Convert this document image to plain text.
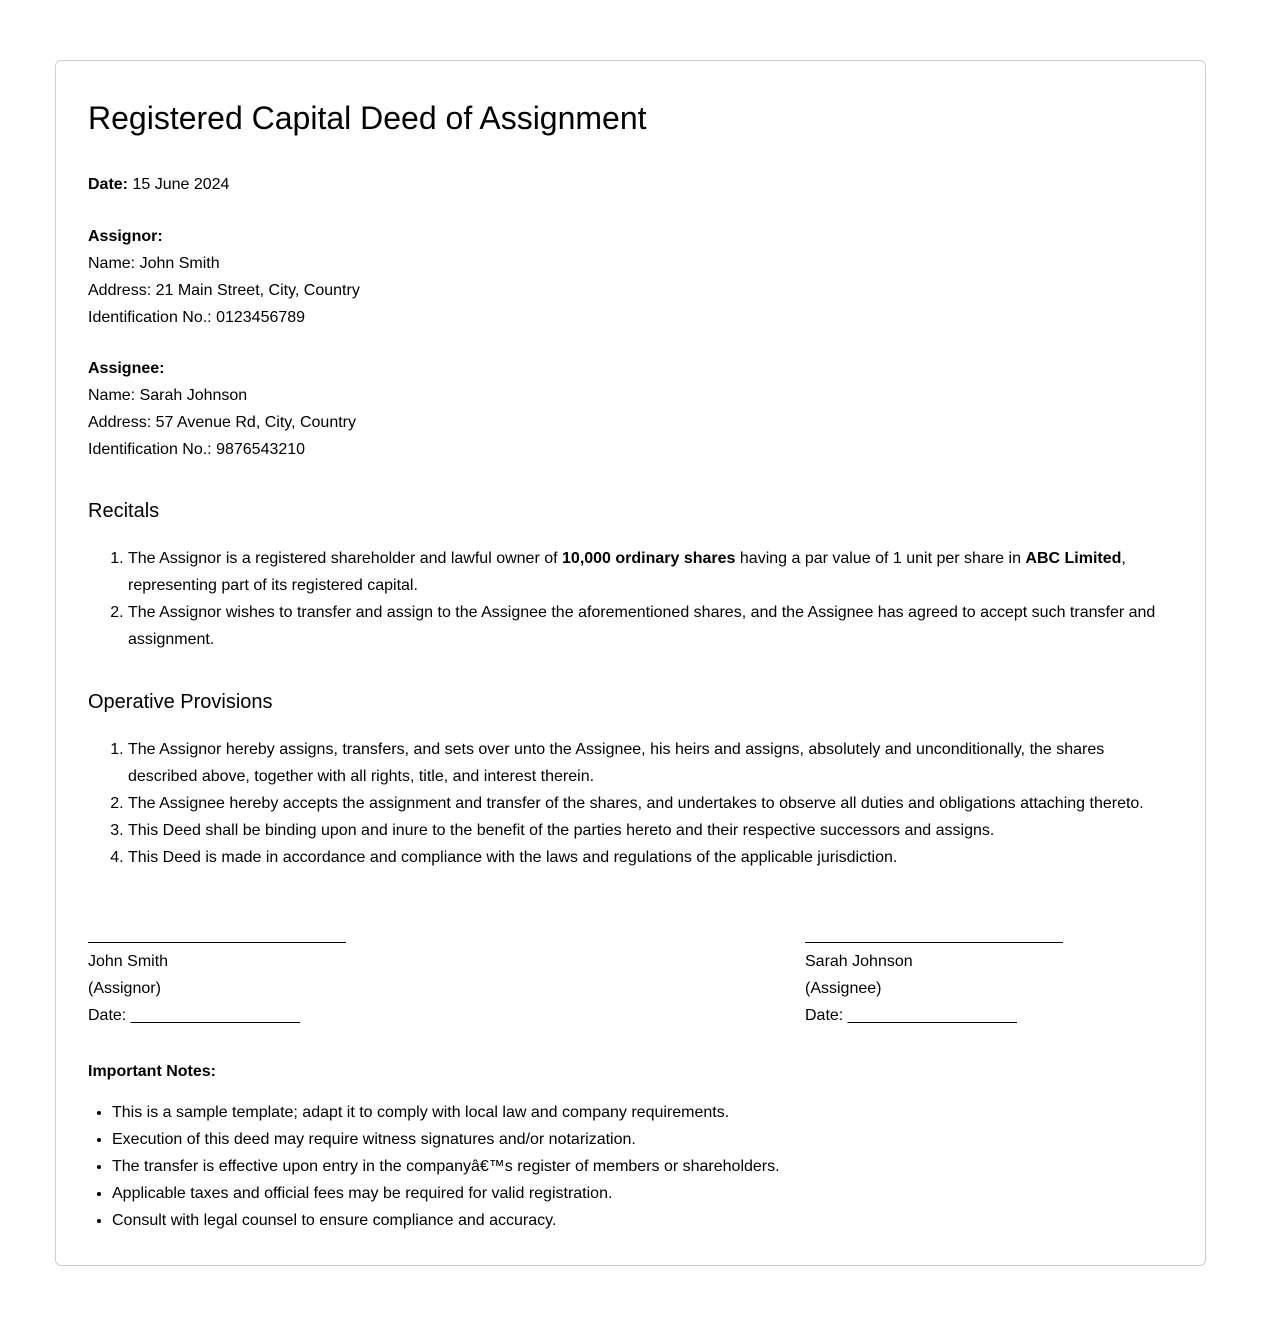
Registered Capital Deed of Assignment
Date: 15 June 2024
Assignor:
Name: John Smith
Address: 21 Main Street, City, Country
Identification No.: 0123456789
Assignee:
Name: Sarah Johnson
Address: 57 Avenue Rd, City, Country
Identification No.: 9876543210
Recitals
1. The Assignor is a registered shareholder and lawful owner of 10,000 ordinary shares having a par value of 1 unit per share in ABC Limited, representing part of its registered capital.
2. The Assignor wishes to transfer and assign to the Assignee the aforementioned shares, and the Assignee has agreed to accept such transfer and assignment.
Operative Provisions
1. The Assignor hereby assigns, transfers, and sets over unto the Assignee, his heirs and assigns, absolutely and unconditionally, the shares described above, together with all rights, title, and interest therein.
2. The Assignee hereby accepts the assignment and transfer of the shares, and undertakes to observe all duties and obligations attaching thereto.
3. This Deed shall be binding upon and inure to the benefit of the parties hereto and their respective successors and assigns.
4. This Deed is made in accordance and compliance with the laws and regulations of the applicable jurisdiction.
John Smith
(Assignor)
Date: ___________________
Sarah Johnson
(Assignee)
Date: ___________________
Important Notes:
• This is a sample template; adapt it to comply with local law and company requirements.
• Execution of this deed may require witness signatures and/or notarization.
• The transfer is effective upon entry in the companyâ€™s register of members or shareholders.
• Applicable taxes and official fees may be required for valid registration.
• Consult with legal counsel to ensure compliance and accuracy.
